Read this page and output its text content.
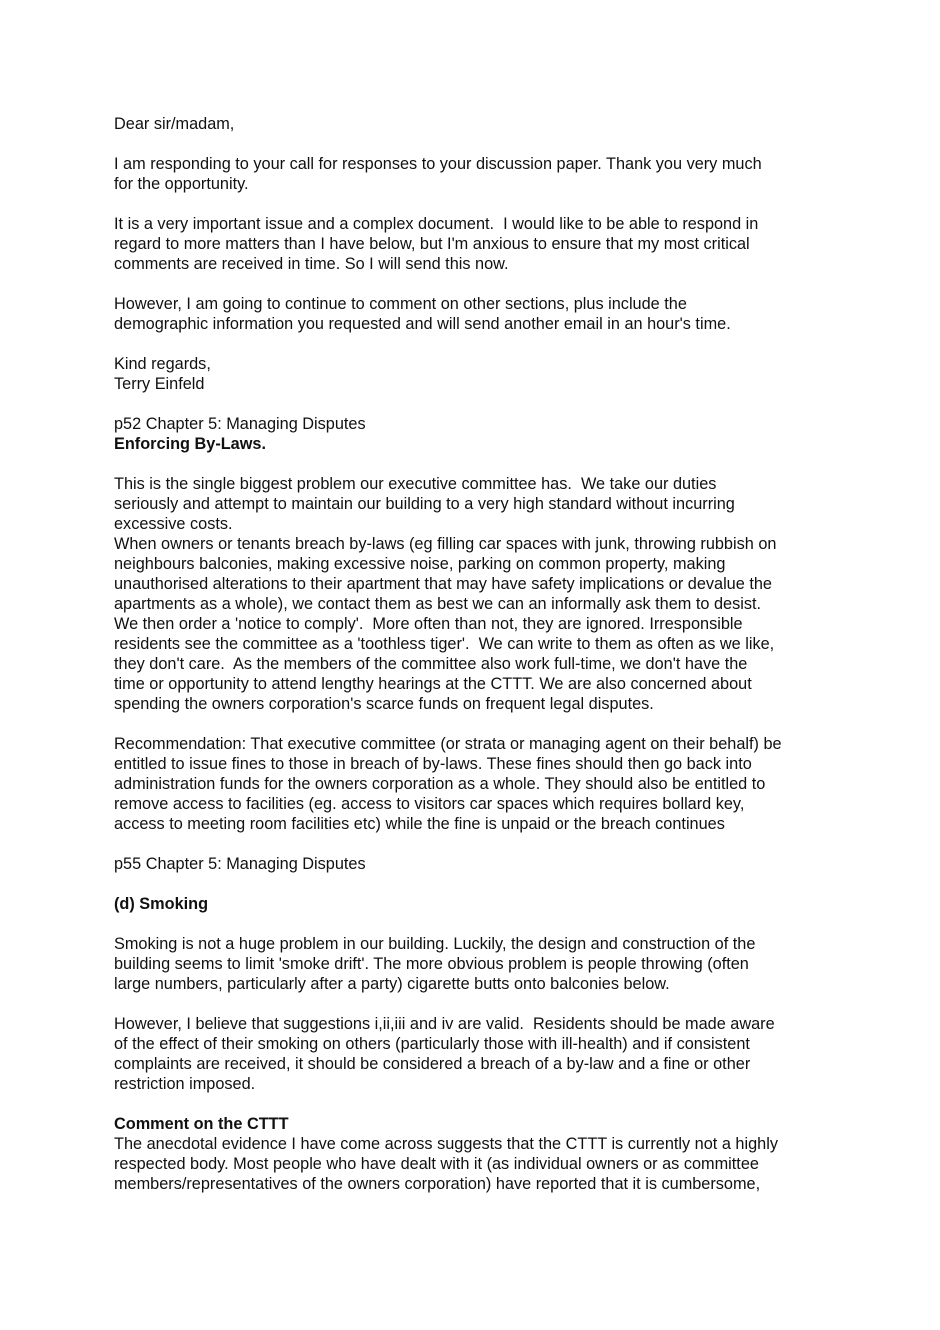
Dear sir/madam,
I am responding to your call for responses to your discussion paper. Thank you very much
for the opportunity.
It is a very important issue and a complex document.  I would like to be able to respond in
regard to more matters than I have below, but I'm anxious to ensure that my most critical
comments are received in time. So I will send this now.
However, I am going to continue to comment on other sections, plus include the
demographic information you requested and will send another email in an hour's time.
Kind regards,
Terry Einfeld
p52 Chapter 5: Managing Disputes
Enforcing By-Laws.
This is the single biggest problem our executive committee has.  We take our duties
seriously and attempt to maintain our building to a very high standard without incurring
excessive costs.
When owners or tenants breach by-laws (eg filling car spaces with junk, throwing rubbish on
neighbours balconies, making excessive noise, parking on common property, making
unauthorised alterations to their apartment that may have safety implications or devalue the
apartments as a whole), we contact them as best we can an informally ask them to desist.
We then order a 'notice to comply'.  More often than not, they are ignored. Irresponsible
residents see the committee as a 'toothless tiger'.  We can write to them as often as we like,
they don't care.  As the members of the committee also work full-time, we don't have the
time or opportunity to attend lengthy hearings at the CTTT. We are also concerned about
spending the owners corporation's scarce funds on frequent legal disputes.
Recommendation: That executive committee (or strata or managing agent on their behalf) be
entitled to issue fines to those in breach of by-laws. These fines should then go back into
administration funds for the owners corporation as a whole. They should also be entitled to
remove access to facilities (eg. access to visitors car spaces which requires bollard key,
access to meeting room facilities etc) while the fine is unpaid or the breach continues
p55 Chapter 5: Managing Disputes
(d) Smoking
Smoking is not a huge problem in our building. Luckily, the design and construction of the
building seems to limit 'smoke drift'. The more obvious problem is people throwing (often
large numbers, particularly after a party) cigarette butts onto balconies below.
However, I believe that suggestions i,ii,iii and iv are valid.  Residents should be made aware
of the effect of their smoking on others (particularly those with ill-health) and if consistent
complaints are received, it should be considered a breach of a by-law and a fine or other
restriction imposed.
Comment on the CTTT
The anecdotal evidence I have come across suggests that the CTTT is currently not a highly
respected body. Most people who have dealt with it (as individual owners or as committee
members/representatives of the owners corporation) have reported that it is cumbersome,
